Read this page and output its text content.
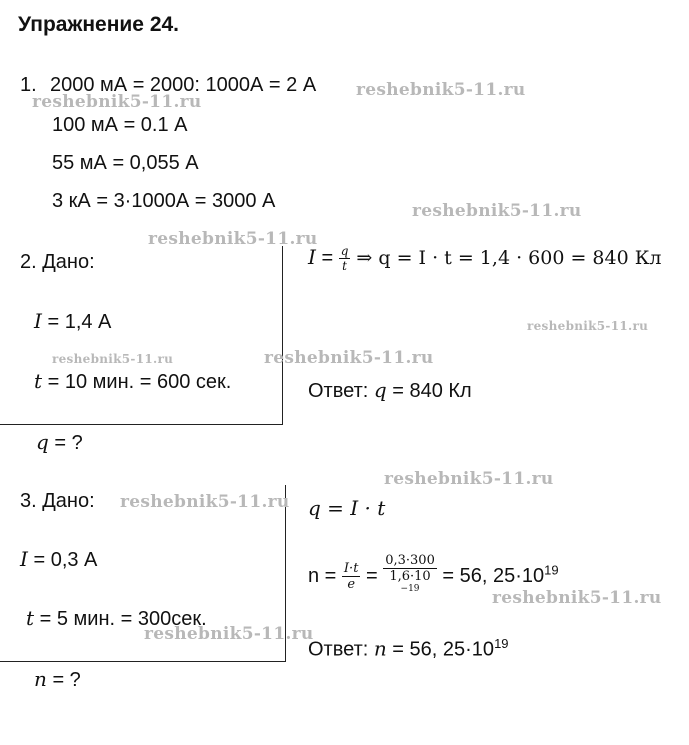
Упражнение 24.
1. 2000 мА = 2000: 1000А = 2 А
100 мА = 0.1 А
55 мА = 0,055 А
3 кА = 3·1000А = 3000 А
2. Дано:
I = 1,4 А
t = 10 мин. = 600 сек.
q = ?
$I = \frac{q}{t}$ ⇒ q = I · t = 1,4 · 600 = 840 Кл
Ответ: q = 840 Кл
3. Дано:
I = 0,3 А
t = 5 мин. = 300сек.
n = ?
q = I · t
$n = \frac{I\cdot t}{e} = 0,3\cdot 300$
1,6·10
$^{-19}$ = 56, $25\cdot 10^{19}$
Ответ: n = 56, $25\cdot 10^{19}$
reshebnik5-11.ru
reshebnik5-11.ru
reshebnik5-11.ru
reshebnik5-11.ru
reshebnik5-11.ru
reshebnik5-11.ru	reshebnik5-11.ru
reshebnik5-11.ru
reshebnik5-11.ru
reshebnik5-11.ru
reshebnik5-11.ru
